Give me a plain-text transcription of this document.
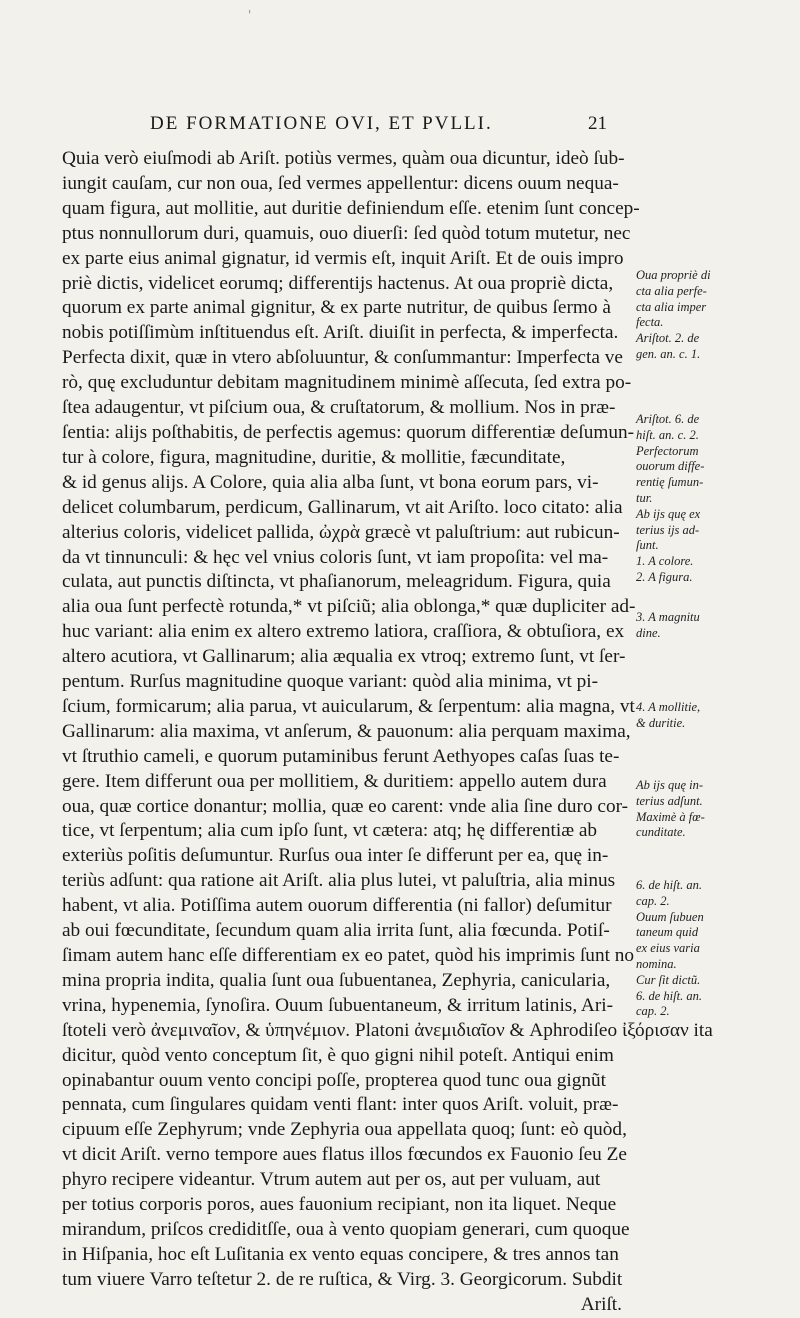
DE FORMATIONE OVI, ET PVLLI.	21
Quia verò eiuſmodi ab Ariſt. potiùs vermes, quàm oua dicuntur, ideò ſub-
iungit cauſam, cur non oua, ſed vermes appellentur: dicens ouum nequa-
quam figura, aut mollitie, aut duritie definiendum eſſe. etenim ſunt concep-
ptus nonnullorum duri, quamuis, ouo diuerſi: ſed quòd totum mutetur, nec
ex parte eius animal gignatur, id vermis eſt, inquit Ariſt. Et de ouis impro
priè dictis, videlicet eorumq; differentijs hactenus. At oua propriè dicta,
quorum ex parte animal gignitur, & ex parte nutritur, de quibus ſermo à
nobis potiſſimùm inſtituendus eſt. Ariſt. diuiſit in perfecta, & imperfecta.
Perfecta dixit, quæ in vtero abſoluuntur, & conſummantur: Imperfecta ve
rò, quę excluduntur debitam magnitudinem minimè aſſecuta, ſed extra po-
ſtea adaugentur, vt piſcium oua, & cruſtatorum, & mollium. Nos in præ-
ſentia: alijs poſthabitis, de perfectis agemus: quorum differentiæ deſumun-
tur à colore, figura, magnitudine, duritie, & mollitie, fæcunditate,
& id genus alijs. A Colore, quia alia alba ſunt, vt bona eorum pars, vi-
delicet columbarum, perdicum, Gallinarum, vt ait Ariſto. loco citato: alia
alterius coloris, videlicet pallida, ὠχρὰ græcè vt paluſtrium: aut rubicun-
da vt tinnunculi: & hęc vel vnius coloris ſunt, vt iam propoſita: vel ma-
culata, aut punctis diſtincta, vt phaſianorum, meleagridum. Figura, quia
alia oua ſunt perfectè rotunda,* vt piſciũ; alia oblonga,* quæ dupliciter ad-
huc variant: alia enim ex altero extremo latiora, craſſiora, & obtuſiora, ex
altero acutiora, vt Gallinarum; alia æqualia ex vtroq; extremo ſunt, vt ſer-
pentum. Rurſus magnitudine quoque variant: quòd alia minima, vt pi-
ſcium, formicarum; alia parua, vt auicularum, & ſerpentum: alia magna, vt
Gallinarum: alia maxima, vt anſerum, & pauonum: alia perquam maxima,
vt ſtruthio cameli, e quorum putaminibus ferunt Aethyopes caſas ſuas te-
gere. Item differunt oua per mollitiem, & duritiem: appello autem dura
oua, quæ cortice donantur; mollia, quæ eo carent: vnde alia ſine duro cor-
tice, vt ſerpentum; alia cum ipſo ſunt, vt cætera: atq; hę differentiæ ab
exteriùs poſitis deſumuntur. Rurſus oua inter ſe differunt per ea, quę in-
teriùs adſunt: qua ratione ait Ariſt. alia plus lutei, vt paluſtria, alia minus
habent, vt alia. Potiſſima autem ouorum differentia (ni fallor) deſumitur
ab oui fœcunditate, ſecundum quam alia irrita ſunt, alia fœcunda. Potiſ-
ſimam autem hanc eſſe differentiam ex eo patet, quòd his imprimis ſunt no
mina propria indita, qualia ſunt oua ſubuentanea, Zephyria, canicularia,
vrina, hypenemia, ſynoſira. Ouum ſubuentaneum, & irritum latinis, Ari-
ſtoteli verò ἀνεμιναῖον, & ὑπηνέμιον. Platoni ἀνεμιδιαῖον & Aphrodiſeo ἰξόρισαν ita
dicitur, quòd vento conceptum ſit, è quo gigni nihil poteſt. Antiqui enim
opinabantur ouum vento concipi poſſe, propterea quod tunc oua gignũt
pennata, cum ſingulares quidam venti flant: inter quos Ariſt. voluit, præ-
cipuum eſſe Zephyrum; vnde Zephyria oua appellata quoq; ſunt: eò quòd,
vt dicit Ariſt. verno tempore aues flatus illos fœcundos ex Fauonio ſeu Ze
phyro recipere videantur. Vtrum autem aut per os, aut per vuluam, aut
per totius corporis poros, aues fauonium recipiant, non ita liquet. Neque
mirandum, priſcos crediditſſe, oua à vento quopiam generari, cum quoque
in Hiſpania, hoc eſt Luſitania ex vento equas concipere, & tres annos tan
tum viuere Varro teſtetur 2. de re ruſtica, & Virg. 3. Georgicorum. Subdit
Ariſt.
Oua propriè di
cta alia perfe-
cta alia imper
fecta.
Ariſtot. 2. de
gen. an. c. 1.
Ariſtot. 6. de
hiſt. an. c. 2.
Perfectorum
ouorum diffe-
rentię ſumun-
tur.
Ab ijs quę ex
terius ijs ad-
ſunt.
1. A colore.
2. A figura.
3. A magnitu
dine.
4. A mollitie,
& duritie.
Ab ijs quę in-
terius adſunt.
Maximè à fœ-
cunditate.
6. de hiſt. an.
cap. 2.
Ouum ſubuen
taneum quid
ex eius varia
nomina.
Cur ſit dictũ.
6. de hiſt. an.
cap. 2.
'
